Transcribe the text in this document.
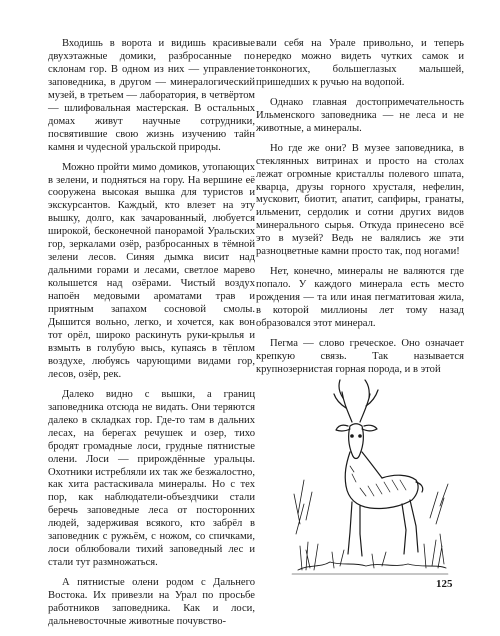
Входишь в ворота и видишь красивые двухэтажные домики, разбросанные по склонам гор. В одном из них — управление заповедника, в другом — минералогический музей, в третьем — лаборатория, в четвёртом — шлифовальная мастерская. В остальных домах живут научные сотрудники, посвятившие свою жизнь изучению тайн камня и чудесной уральской природы.

Можно пройти мимо домиков, утопающих в зелени, и подняться на гору. На вершине её сооружена высокая вышка для туристов и экскурсантов. Каждый, кто влезет на эту вышку, долго, как зачарованный, любуется широкой, бесконечной панорамой Уральских гор, зеркалами озёр, разбросанных в тёмной зелени лесов. Синяя дымка висит над дальними горами и лесами, светлое марево колышется над озёрами. Чистый воздух напоён медовыми ароматами трав и приятным запахом сосновой смолы. Дышится вольно, легко, и хочется, как вон тот орёл, широко раскинуть руки-крылья и взмыть в голубую высь, купаясь в тёплом воздухе, любуясь чарующими видами гор, лесов, озёр, рек.

Далеко видно с вышки, а границ заповедника отсюда не видать. Они теряются далеко в складках гор. Где-то там в дальних лесах, на берегах речушек и озер, тихо бродят громадные лоси, грудные пятнистые олени. Лоси — прирождённые уральцы. Охотники истребляли их так же безжалостно, как хита растаскивала минералы. Но с тех пор, как наблюдатели-объездчики стали беречь заповедные леса от посторонних людей, задерживая всякого, кто забрёл в заповедник с ружьём, с ножом, со спичками, лоси облюбовали тихий заповедный лес и стали тут размножаться.

А пятнистые олени родом с Дальнего Востока. Их привезли на Урал по просьбе работников заповедника. Как и лоси, дальневосточные животные почувство-

вали себя на Урале привольно, и теперь нередко можно видеть чутких самок и тонконогих, большеглазых малышей, пришедших к ручью на водопой.

Однако главная достопримечательность Ильменского заповедника — не леса и не животные, а минералы.

Но где же они? В музее заповедника, в стеклянных витринах и просто на столах лежат огромные кристаллы полевого шпата, кварца, друзы горного хрусталя, нефелин, мусковит, биотит, апатит, сапфиры, гранаты, ильменит, сердолик и сотни других видов минерального сырья. Откуда принесено всё это в музей? Ведь не валялись же эти разноцветные камни просто так, под ногами!

Нет, конечно, минералы не валяются где попало. У каждого минерала есть место рождения — та или иная пегматитовая жила, в которой миллионы лет тому назад образовался этот минерал.

Пегма — слово греческое. Оно означает крепкую связь. Так называется крупнозернистая горная порода, и в этой

125
